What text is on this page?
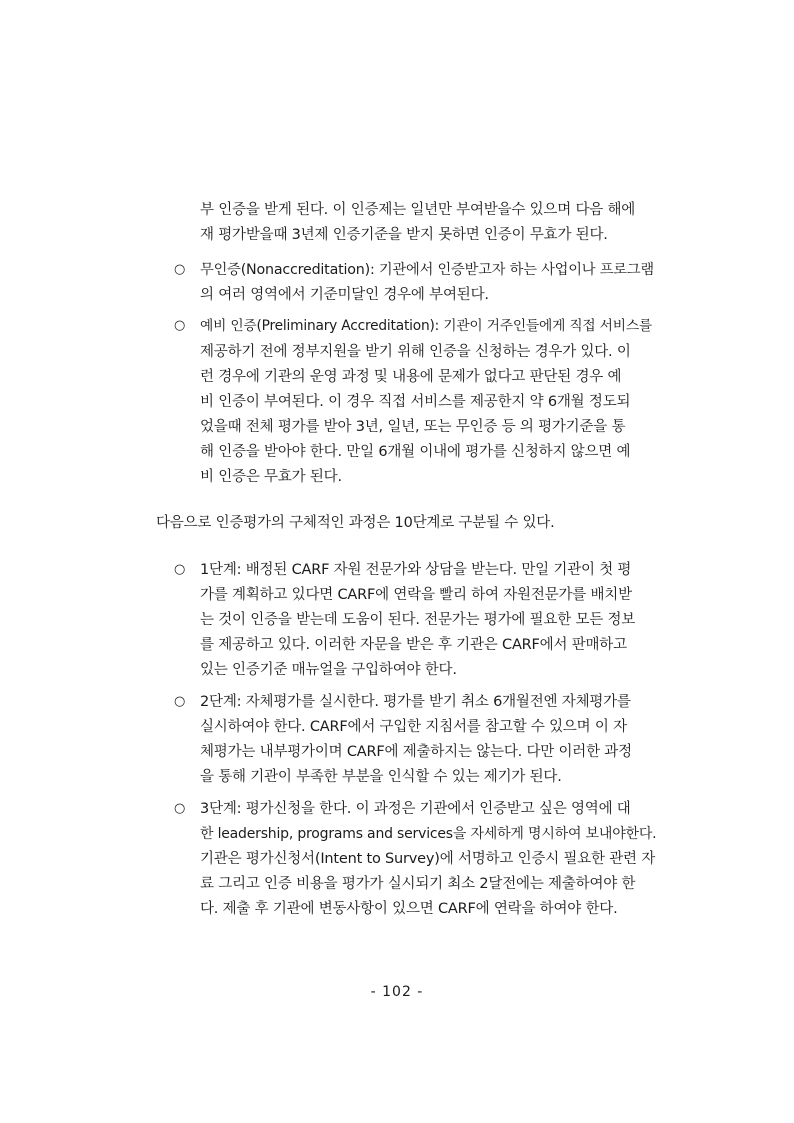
부 인증을 받게 된다. 이 인증제는 일년만 부여받을수 있으며 다음 해에
재 평가받을때 3년제 인증기준을 받지 못하면 인증이 무효가 된다.
○ 무인증(Nonaccreditation): 기관에서 인증받고자 하는 사업이나 프로그램
의 여러 영역에서 기준미달인 경우에 부여된다.
○ 예비 인증(Preliminary Accreditation): 기관이 거주인들에게 직접 서비스를
제공하기 전에 정부지원을 받기 위해 인증을 신청하는 경우가 있다. 이
런 경우에 기관의 운영 과정 및 내용에 문제가 없다고 판단된 경우 예
비 인증이 부여된다. 이 경우 직접 서비스를 제공한지 약 6개월 정도되
었을때 전체 평가를 받아 3년, 일년, 또는 무인증 등 의 평가기준을 통
해 인증을 받아야 한다. 만일 6개월 이내에 평가를 신청하지 않으면 예
비 인증은 무효가 된다.
다음으로 인증평가의 구체적인 과정은 10단계로 구분될 수 있다.
○ 1단계: 배정된 CARF 자원 전문가와 상담을 받는다. 만일 기관이 첫 평
가를 계획하고 있다면 CARF에 연락을 빨리 하여 자원전문가를 배치받
는 것이 인증을 받는데 도움이 된다. 전문가는 평가에 필요한 모든 정보
를 제공하고 있다. 이러한 자문을 받은 후 기관은 CARF에서 판매하고
있는 인증기준 매뉴얼을 구입하여야 한다.
○ 2단계: 자체평가를 실시한다. 평가를 받기 취소 6개월전엔 자체평가를
실시하여야 한다. CARF에서 구입한 지침서를 참고할 수 있으며 이 자
체평가는 내부평가이며 CARF에 제출하지는 않는다. 다만 이러한 과정
을 통해 기관이 부족한 부분을 인식할 수 있는 제기가 된다.
○ 3단계: 평가신청을 한다. 이 과정은 기관에서 인증받고 싶은 영역에 대
한 leadership, programs and services을 자세하게 명시하여 보내야한다.
기관은 평가신청서(Intent to Survey)에 서명하고 인증시 필요한 관련 자
료 그리고 인증 비용을 평가가 실시되기 최소 2달전에는 제출하여야 한
다. 제출 후 기관에 변동사항이 있으면 CARF에 연락을 하여야 한다.
- 102 -
